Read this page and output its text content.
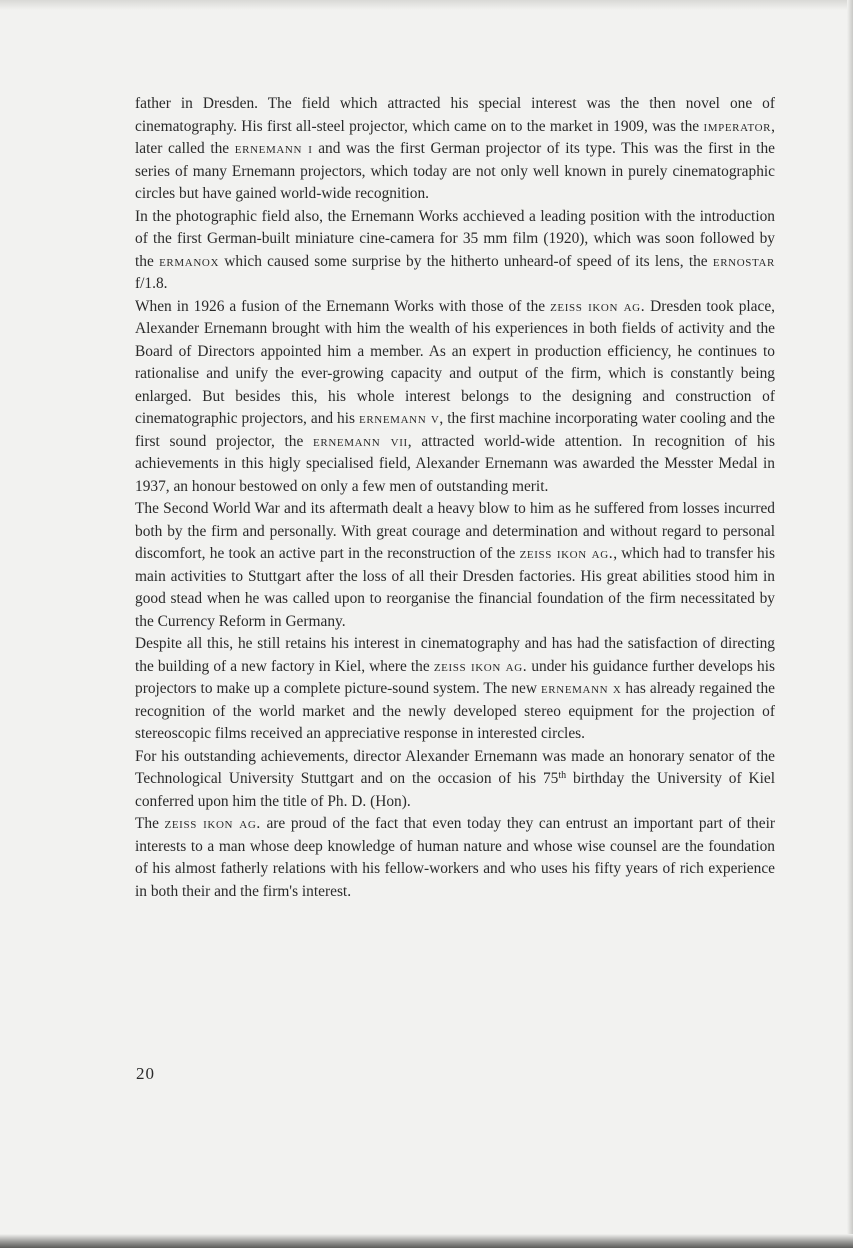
father in Dresden. The field which attracted his special interest was the then novel one of cinematography. His first all-steel projector, which came on to the market in 1909, was the imperator, later called the ernemann i and was the first German projector of its type. This was the first in the series of many Ernemann projectors, which today are not only well known in purely cinematographic circles but have gained world-wide recognition.

In the photographic field also, the Ernemann Works acchieved a leading position with the introduction of the first German-built miniature cine-camera for 35 mm film (1920), which was soon followed by the ermanox which caused some surprise by the hitherto unheard-of speed of its lens, the ernostar f/1.8.

When in 1926 a fusion of the Ernemann Works with those of the zeiss ikon ag. Dresden took place, Alexander Ernemann brought with him the wealth of his experiences in both fields of activity and the Board of Directors appointed him a member. As an expert in production efficiency, he continues to rationalise and unify the ever-growing capacity and output of the firm, which is constantly being enlarged. But besides this, his whole interest belongs to the designing and construction of cinematographic projectors, and his ernemann v, the first machine incorporating water cooling and the first sound projector, the ernemann vii, attracted world-wide attention. In recognition of his achievements in this higly specialised field, Alexander Ernemann was awarded the Messter Medal in 1937, an honour bestowed on only a few men of outstanding merit.

The Second World War and its aftermath dealt a heavy blow to him as he suffered from losses incurred both by the firm and personally. With great courage and determination and without regard to personal discomfort, he took an active part in the reconstruction of the zeiss ikon ag., which had to transfer his main activities to Stuttgart after the loss of all their Dresden factories. His great abilities stood him in good stead when he was called upon to reorganise the financial foundation of the firm necessitated by the Currency Reform in Germany.

Despite all this, he still retains his interest in cinematography and has had the satisfaction of directing the building of a new factory in Kiel, where the zeiss ikon ag. under his guidance further develops his projectors to make up a complete picture-sound system. The new ernemann x has already regained the recognition of the world market and the newly developed stereo equipment for the projection of stereoscopic films received an appreciative response in interested circles.

For his outstanding achievements, director Alexander Ernemann was made an honorary senator of the Technological University Stuttgart and on the occasion of his 75th birthday the University of Kiel conferred upon him the title of Ph. D. (Hon).

The zeiss ikon ag. are proud of the fact that even today they can entrust an important part of their interests to a man whose deep knowledge of human nature and whose wise counsel are the foundation of his almost fatherly relations with his fellow-workers and who uses his fifty years of rich experience in both their and the firm's interest.

20
